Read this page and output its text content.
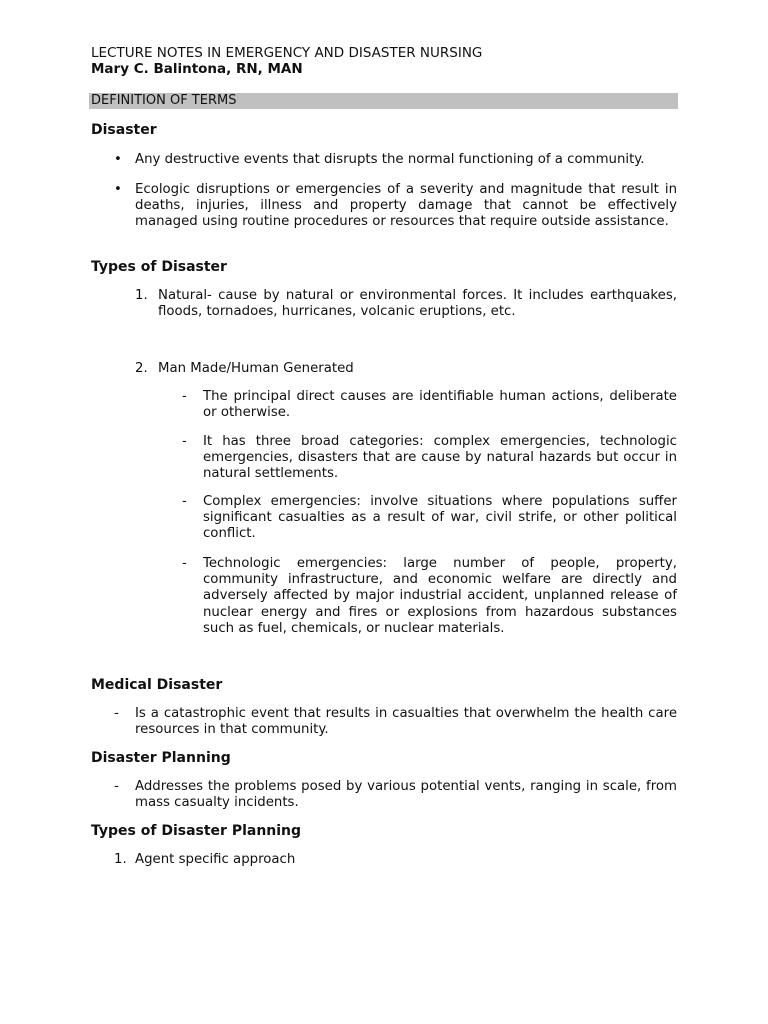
LECTURE NOTES IN EMERGENCY AND DISASTER NURSING
Mary C. Balintona, RN, MAN
DEFINITION OF TERMS
Disaster
• Any destructive events that disrupts the normal functioning of a community.
• Ecologic disruptions or emergencies of a severity and magnitude that result in deaths, injuries, illness and property damage that cannot be effectively managed using routine procedures or resources that require outside assistance.
Types of Disaster
1. Natural- cause by natural or environmental forces. It includes earthquakes, floods, tornadoes, hurricanes, volcanic eruptions, etc.
2. Man Made/Human Generated
- The principal direct causes are identifiable human actions, deliberate or otherwise.
- It has three broad categories: complex emergencies, technologic emergencies, disasters that are cause by natural hazards but occur in natural settlements.
- Complex emergencies: involve situations where populations suffer significant casualties as a result of war, civil strife, or other political conflict.
- Technologic emergencies: large number of people, property, community infrastructure, and economic welfare are directly and adversely affected by major industrial accident, unplanned release of nuclear energy and fires or explosions from hazardous substances such as fuel, chemicals, or nuclear materials.
Medical Disaster
- Is a catastrophic event that results in casualties that overwhelm the health care resources in that community.
Disaster Planning
- Addresses the problems posed by various potential vents, ranging in scale, from mass casualty incidents.
Types of Disaster Planning
1. Agent specific approach
